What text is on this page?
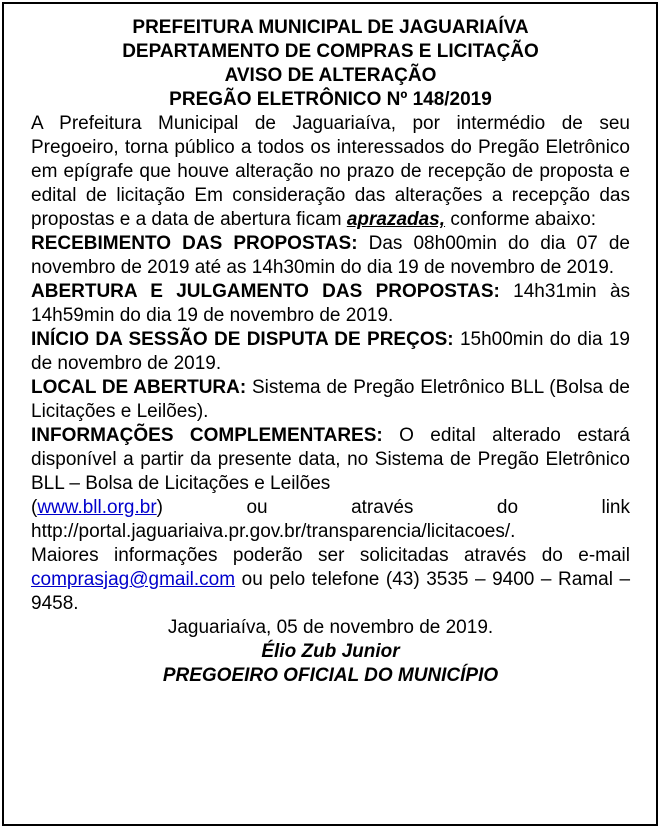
PREFEITURA MUNICIPAL DE JAGUARIAÍVA

DEPARTAMENTO DE COMPRAS E LICITAÇÃO

AVISO DE ALTERAÇÃO

PREGÃO ELETRÔNICO Nº 148/2019

A Prefeitura Municipal de Jaguariaíva, por intermédio de seu Pregoeiro, torna público a todos os interessados do Pregão Eletrônico em epígrafe que houve alteração no prazo de recepção de proposta e edital de licitação Em consideração das alterações a recepção das propostas e a data de abertura ficam aprazadas, conforme abaixo:

RECEBIMENTO DAS PROPOSTAS: Das 08h00min do dia 07 de novembro de 2019 até as 14h30min do dia 19 de novembro de 2019.

ABERTURA E JULGAMENTO DAS PROPOSTAS: 14h31min às 14h59min do dia 19 de novembro de 2019.

INÍCIO DA SESSÃO DE DISPUTA DE PREÇOS: 15h00min do dia 19 de novembro de 2019.

LOCAL DE ABERTURA: Sistema de Pregão Eletrônico BLL (Bolsa de Licitações e Leilões).

INFORMAÇÕES COMPLEMENTARES: O edital alterado estará disponível a partir da presente data, no Sistema de Pregão Eletrônico BLL – Bolsa de Licitações e Leilões

(www.bll.org.br)	ou através do link

http://portal.jaguariaiva.pr.gov.br/transparencia/licitacoes/.

Maiores informações poderão ser solicitadas através do e-mail comprasjag@gmail.com ou pelo telefone (43) 3535 – 9400 – Ramal – 9458.

Jaguariaíva, 05 de novembro de 2019.

Élio Zub Junior

PREGOEIRO OFICIAL DO MUNICÍPIO
